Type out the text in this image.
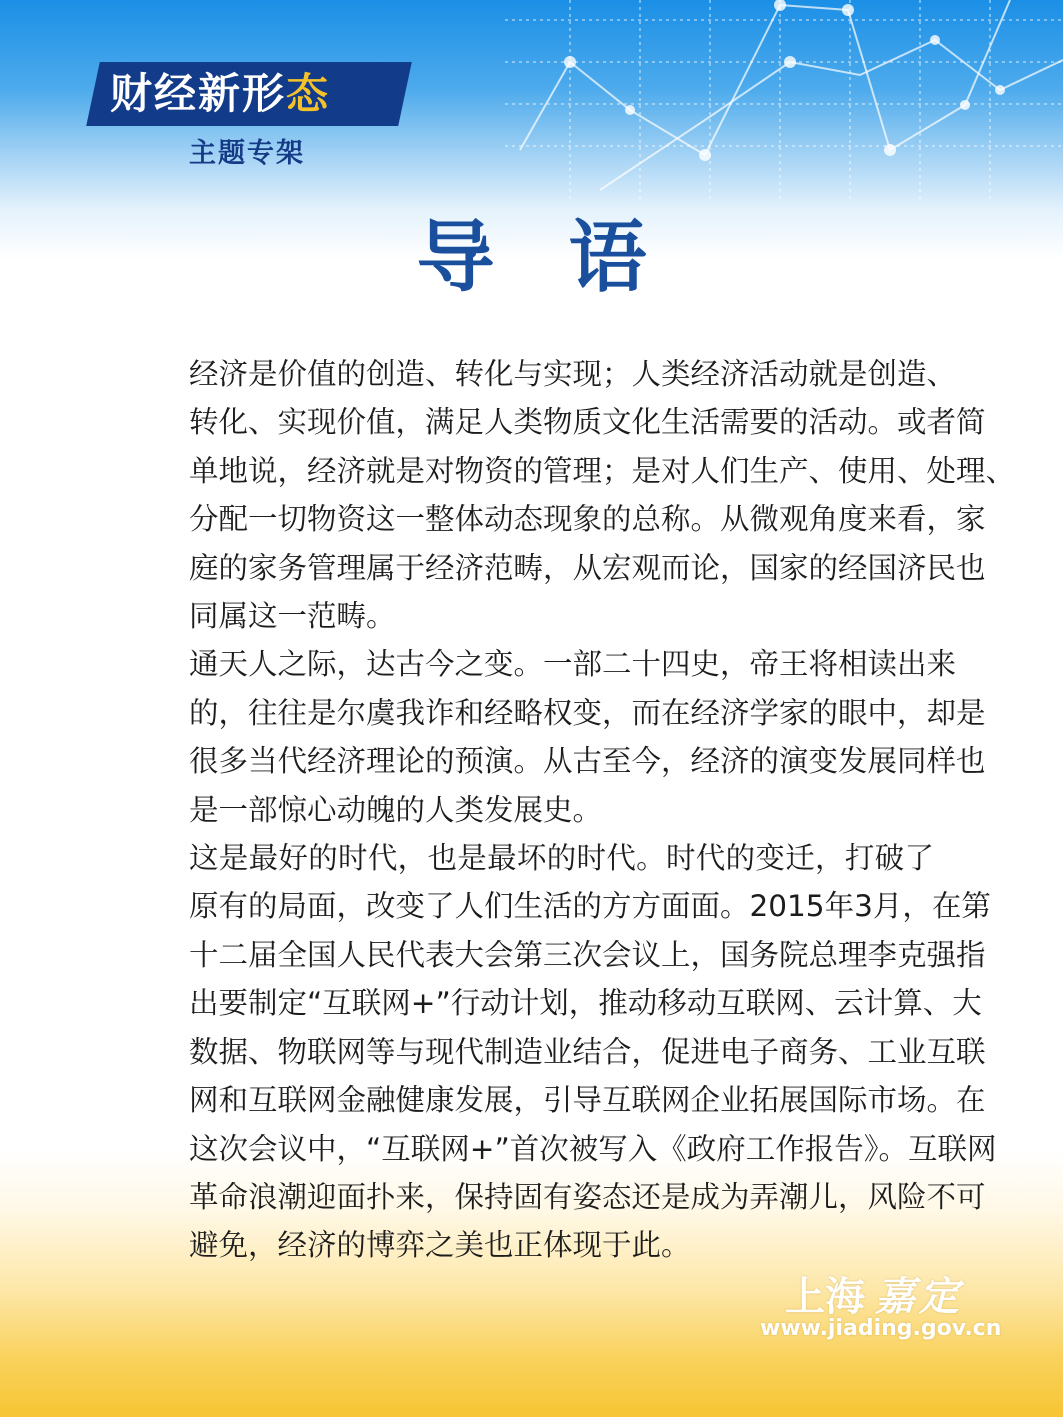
财经新形态
主题专架
导 语

经济是价值的创造、转化与实现；人类经济活动就是创造、
转化、实现价值，满足人类物质文化生活需要的活动。或者简
单地说，经济就是对物资的管理；是对人们生产、使用、处理、
分配一切物资这一整体动态现象的总称。从微观角度来看，家
庭的家务管理属于经济范畴，从宏观而论，国家的经国济民也
同属这一范畴。

通天人之际，达古今之变。一部二十四史，帝王将相读出来
的，往往是尔虞我诈和经略权变，而在经济学家的眼中，却是
很多当代经济理论的预演。从古至今，经济的演变发展同样也
是一部惊心动魄的人类发展史。

这是最好的时代，也是最坏的时代。时代的变迁，打破了
原有的局面，改变了人们生活的方方面面。2015年3月，在第
十二届全国人民代表大会第三次会议上，国务院总理李克强指
出要制定“互联网+”行动计划，推动移动互联网、云计算、大
数据、物联网等与现代制造业结合，促进电子商务、工业互联
网和互联网金融健康发展，引导互联网企业拓展国际市场。在
这次会议中，“互联网+”首次被写入《政府工作报告》。互联网
革命浪潮迎面扑来，保持固有姿态还是成为弄潮儿，风险不可
避免，经济的博弈之美也正体现于此。

上海 嘉定
www.jiading.gov.cn
